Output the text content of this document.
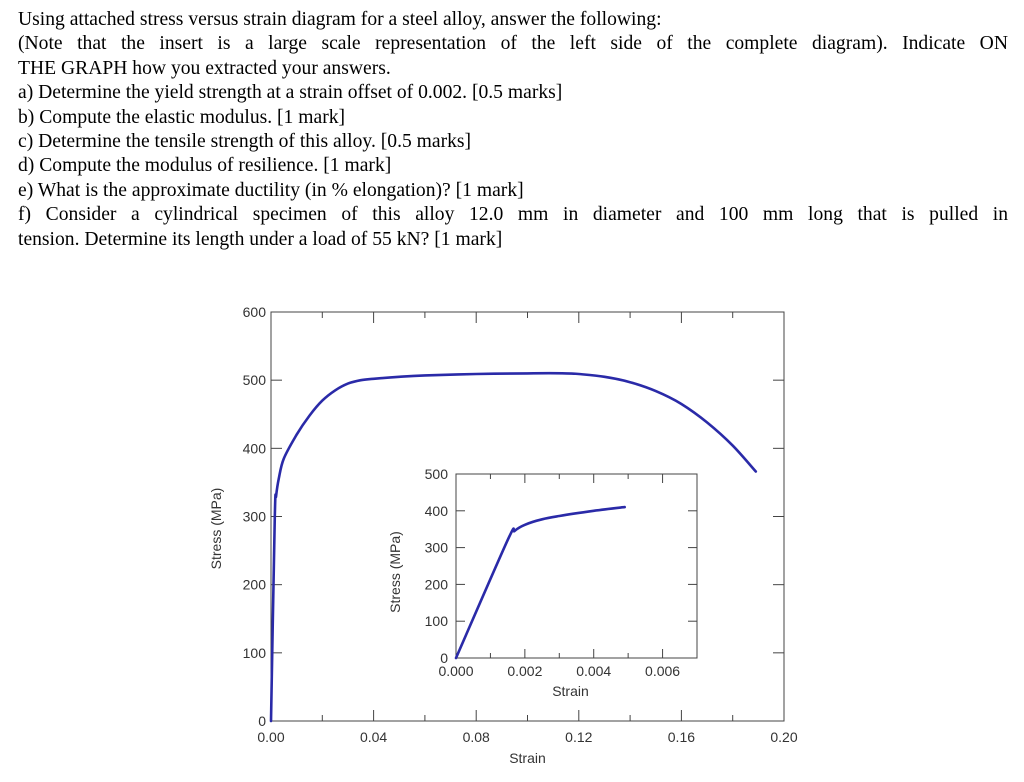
Using attached stress versus strain diagram for a steel alloy, answer the following:
(Note that the insert is a large scale representation of the left side of the complete diagram). Indicate ON
THE GRAPH how you extracted your answers.
a) Determine the yield strength at a strain offset of 0.002. [0.5 marks]
b) Compute the elastic modulus. [1 mark]
c) Determine the tensile strength of this alloy. [0.5 marks]
d) Compute the modulus of resilience. [1 mark]
e) What is the approximate ductility (in % elongation)? [1 mark]
f) Consider a cylindrical specimen of this alloy 12.0 mm in diameter and 100 mm long that is pulled in
tension. Determine its length under a load of 55 kN? [1 mark]
0.00	0.04	0.08	0.12	0.16	0.20
0
100
200
300
400
500
600
Strain
Stress (MPa)
0.000 0.002 0.004 0.006
0
100
200
300
400
500
Strain
Stress (MPa)
